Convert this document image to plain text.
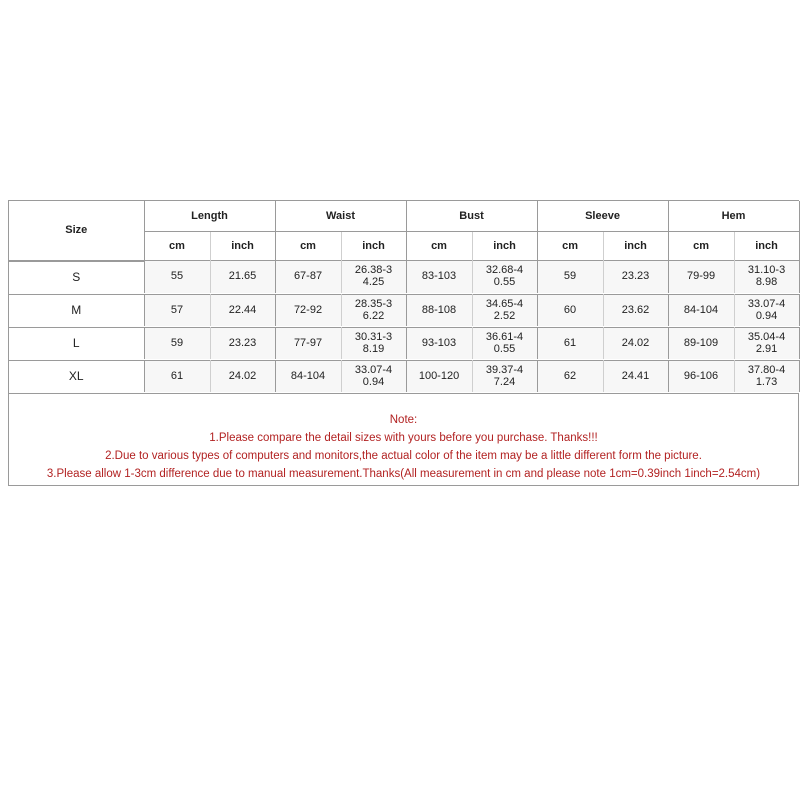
Size	Length		Waist		Bust		Sleeve		Hem	
	cm	inch	cm	inch	cm	inch	cm	inch	cm	inch
S	55	21.65	67-87	26.38-34.25	83-103	32.68-40.55	59	23.23	79-99	31.10-38.98
M	57	22.44	72-92	28.35-36.22	88-108	34.65-42.52	60	23.62	84-104	33.07-40.94
L	59	23.23	77-97	30.31-38.19	93-103	36.61-40.55	61	24.02	89-109	35.04-42.91
XL	61	24.02	84-104	33.07-40.94	100-120	39.37-47.24	62	24.41	96-106	37.80-41.73
Note:
1.Please compare the detail sizes with yours before you purchase. Thanks!!!
2.Due to various types of computers and monitors,the actual color of the item may be a little different form the picture.
3.Please allow 1-3cm difference due to manual measurement.Thanks(All measurement in cm and please note 1cm=0.39inch 1inch=2.54cm)
